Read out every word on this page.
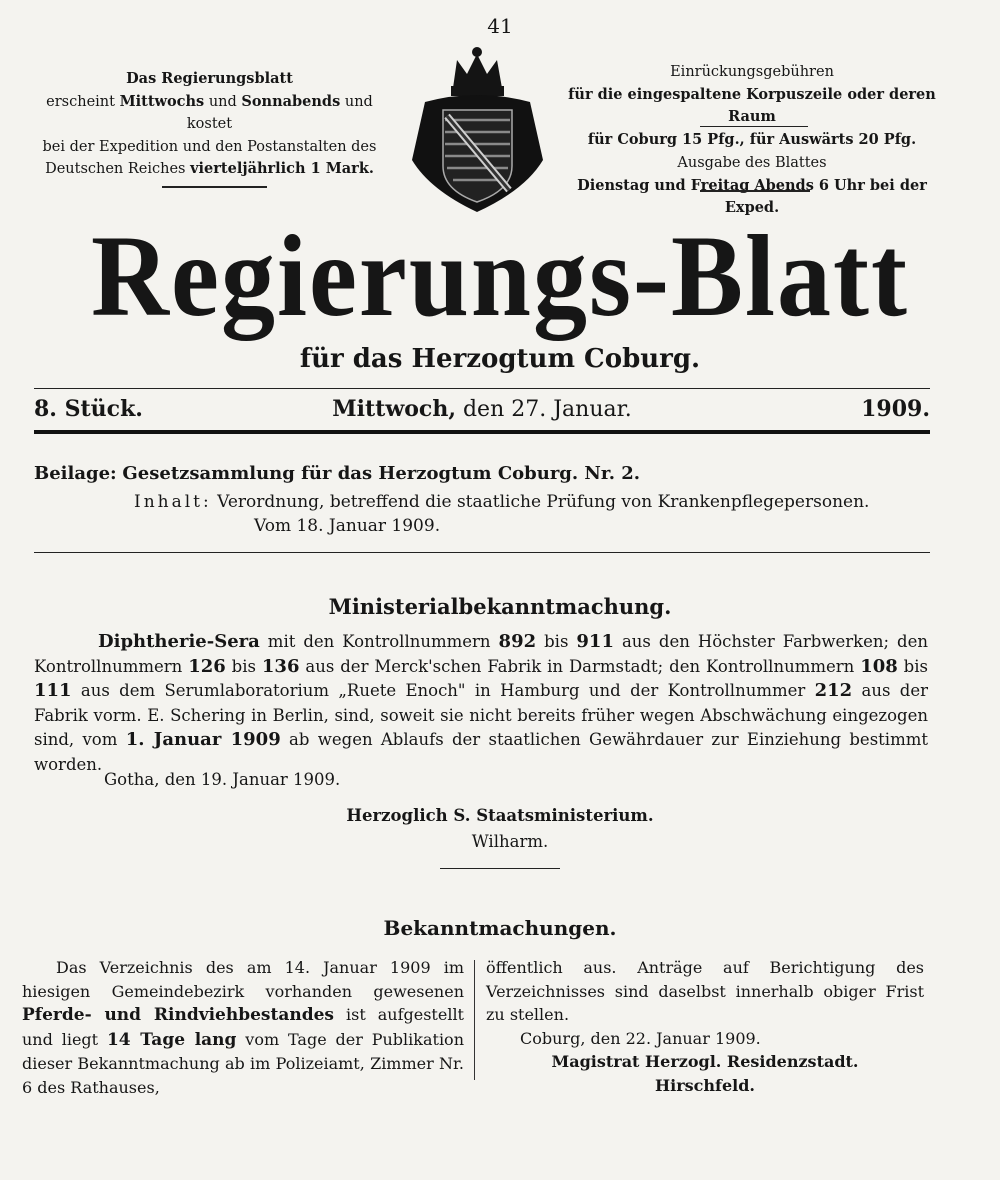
41
Das Regierungsblatt
erscheint Mittwochs und Sonnabends und kostet
bei der Expedition und den Postanstalten des
Deutschen Reiches vierteljährlich 1 Mark.
Einrückungsgebühren
für die eingespaltene Korpuszeile oder deren Raum
für Coburg 15 Pfg., für Auswärts 20 Pfg.
Ausgabe des Blattes
Dienstag und Freitag Abends 6 Uhr bei der Exped.
Regierungs-Blatt
für das Herzogtum Coburg.
8. Stück.	Mittwoch, den 27. Januar.	1909.
Beilage: Gesetzsammlung für das Herzogtum Coburg. Nr. 2.
Inhalt: Verordnung, betreffend die staatliche Prüfung von Krankenpflegepersonen.
Vom 18. Januar 1909.
Ministerialbekanntmachung.
Diphtherie-Sera mit den Kontrollnummern 892 bis 911 aus den Höchster Farbwerken; den Kontrollnummern 126 bis 136 aus der Merck'schen Fabrik in Darmstadt; den Kontrollnummern 108 bis 111 aus dem Serumlaboratorium „Ruete Enoch" in Hamburg und der Kontrollnummer 212 aus der Fabrik vorm. E. Schering in Berlin, sind, soweit sie nicht bereits früher wegen Abschwächung eingezogen sind, vom 1. Januar 1909 ab wegen Ablaufs der staatlichen Gewährdauer zur Einziehung bestimmt worden.
Gotha, den 19. Januar 1909.
Herzoglich S. Staatsministerium.
Wilharm.
Bekanntmachungen.
Das Verzeichnis des am 14. Januar 1909 im hiesigen Gemeindebezirk vorhanden gewesenen Pferde- und Rindviehbestandes ist aufgestellt und liegt 14 Tage lang vom Tage der Publikation dieser Bekanntmachung ab im Polizeiamt, Zimmer Nr. 6 des Rathauses,
öffentlich aus. Anträge auf Berichtigung des Verzeichnisses sind daselbst innerhalb obiger Frist zu stellen.
Coburg, den 22. Januar 1909.
Magistrat Herzogl. Residenzstadt.
Hirschfeld.
